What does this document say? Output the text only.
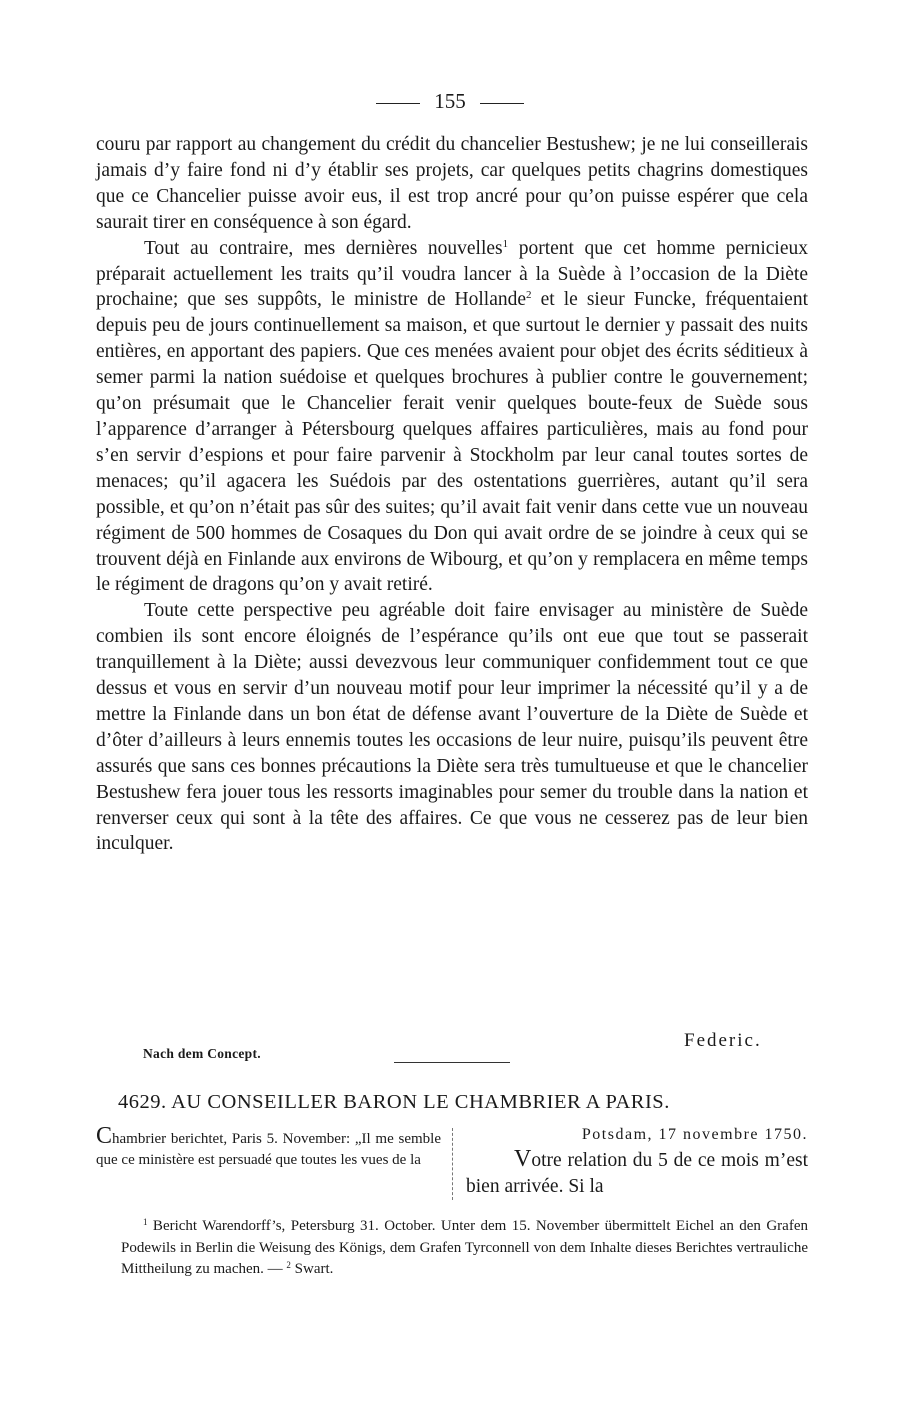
155

couru par rapport au changement du crédit du chancelier Bestushew; je ne lui conseillerais jamais d’y faire fond ni d’y établir ses projets, car quelques petits chagrins domestiques que ce Chancelier puisse avoir eus, il est trop ancré pour qu’on puisse espérer que cela saurait tirer en conséquence à son égard.

Tout au contraire, mes dernières nouvelles$^1$ portent que cet homme pernicieux préparait actuellement les traits qu’il voudra lancer à la Suède à l’occasion de la Diète prochaine; que ses suppôts, le ministre de Hollande$^2$ et le sieur Funcke, fréquentaient depuis peu de jours continuellement sa maison, et que surtout le dernier y passait des nuits entières, en apportant des papiers. Que ces menées avaient pour objet des écrits séditieux à semer parmi la nation suédoise et quelques brochures à publier contre le gouvernement; qu’on présumait que le Chancelier ferait venir quelques boute-feux de Suède sous l’apparence d’arranger à Pétersbourg quelques affaires particulières, mais au fond pour s’en servir d’espions et pour faire parvenir à Stockholm par leur canal toutes sortes de menaces; qu’il agacera les Suédois par des ostentations guerrières, autant qu’il sera possible, et qu’on n’était pas sûr des suites; qu’il avait fait venir dans cette vue un nouveau régiment de 500 hommes de Cosaques du Don qui avait ordre de se joindre à ceux qui se trouvent déjà en Finlande aux environs de Wibourg, et qu’on y remplacera en même temps le régiment de dragons qu’on y avait retiré.

Toute cette perspective peu agréable doit faire envisager au ministère de Suède combien ils sont encore éloignés de l’espérance qu’ils ont eue que tout se passerait tranquillement à la Diète; aussi devezvous leur communiquer confidemment tout ce que dessus et vous en servir d’un nouveau motif pour leur imprimer la nécessité qu’il y a de mettre la Finlande dans un bon état de défense avant l’ouverture de la Diète de Suède et d’ôter d’ailleurs à leurs ennemis toutes les occasions de leur nuire, puisqu’ils peuvent être assurés que sans ces bonnes précautions la Diète sera très tumultueuse et que le chancelier Bestushew fera jouer tous les ressorts imaginables pour semer du trouble dans la nation et renverser ceux qui sont à la tête des affaires. Ce que vous ne cesserez pas de leur bien inculquer.

Federic.
Nach dem Concept.
4629. AU CONSEILLER BARON LE CHAMBRIER A PARIS.
Chambrier berichtet, Paris 5. November: „Il me semble que ce ministère est persuadé que toutes les vues de la
Potsdam, 17 novembre 1750.
Votre relation du 5 de ce mois m’est bien arrivée. Si la

$^1$ Bericht Warendorff’s, Petersburg 31. October. Unter dem 15. November übermittelt Eichel an den Grafen Podewils in Berlin die Weisung des Königs, dem Grafen Tyrconnell von dem Inhalte dieses Berichtes vertrauliche Mittheilung zu machen. — $^2$ Swart.
